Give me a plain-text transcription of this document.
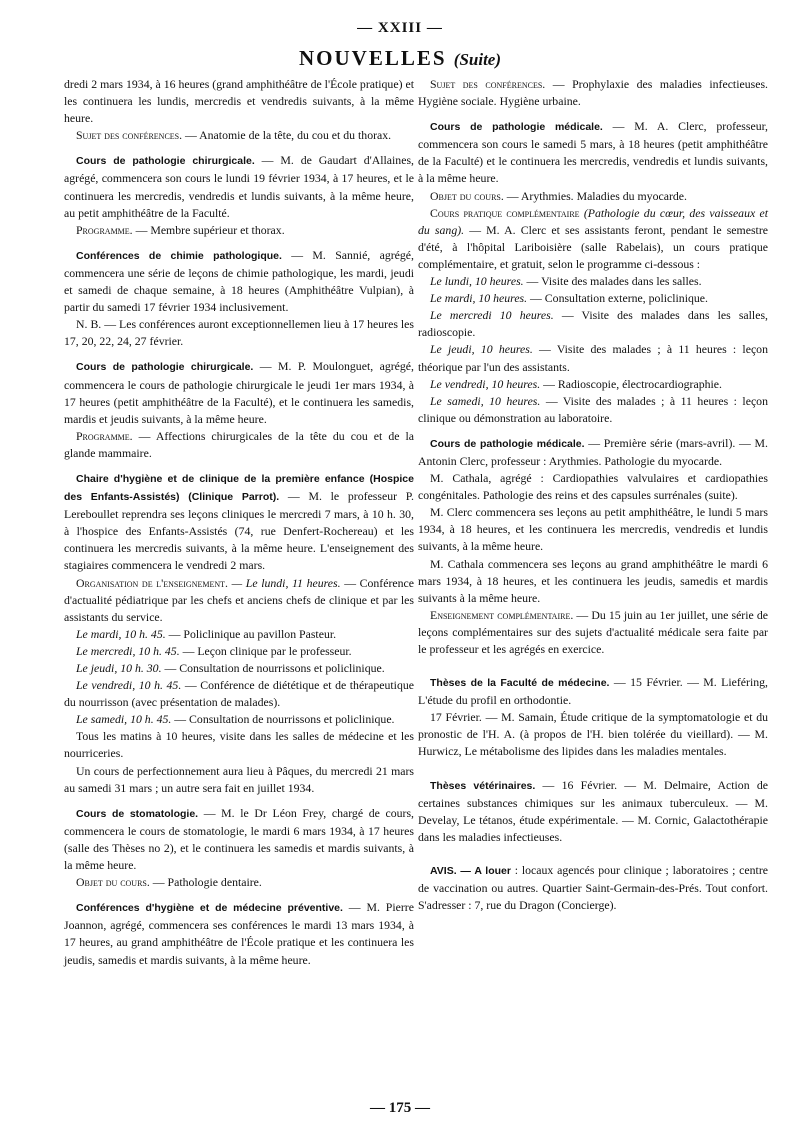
— XXIII —
NOUVELLES (Suite)

dredi 2 mars 1934, à 16 heures (grand amphithéâtre de l'École pratique) et les continuera les lundis, mercredis et vendredis suivants, à la même heure.

Sujet des conférences. — Anatomie de la tête, du cou et du thorax.

Cours de pathologie chirurgicale. — M. de Gaudart d'Allaines, agrégé, commencera son cours le lundi 19 février 1934, à 17 heures, et le continuera les mercredis, vendredis et lundis suivants, à la même heure, au petit amphithéâtre de la Faculté.

Programme. — Membre supérieur et thorax.

Conférences de chimie pathologique. — M. Sannié, agrégé, commencera une série de leçons de chimie pathologique, les mardi, jeudi et samedi de chaque semaine, à 18 heures (Amphithéâtre Vulpian), à partir du samedi 17 février 1934 inclusivement.

N. B. — Les conférences auront exceptionnellemen lieu à 17 heures les 17, 20, 22, 24, 27 février.

Cours de pathologie chirurgicale. — M. P. Moulonguet, agrégé, commencera le cours de pathologie chirurgicale le jeudi 1er mars 1934, à 17 heures (petit amphithéâtre de la Faculté), et le continuera les samedis, mardis et jeudis suivants, à la même heure.

Programme. — Affections chirurgicales de la tête du cou et de la glande mammaire.

Chaire d'hygiène et de clinique de la première enfance (Hospice des Enfants-Assistés) (Clinique Parrot). — M. le professeur P. Lereboullet reprendra ses leçons cliniques le mercredi 7 mars, à 10 h. 30, à l'hospice des Enfants-Assistés (74, rue Denfert-Rochereau) et les continuera les mercredis suivants, à la même heure. L'enseignement des stagiaires commencera le vendredi 2 mars.

Organisation de l'enseignement. — Le lundi, 11 heures. — Conférence d'actualité pédiatrique par les chefs et anciens chefs de clinique et par les assistants du service.

Le mardi, 10 h. 45. — Policlinique au pavillon Pasteur.

Le mercredi, 10 h. 45. — Leçon clinique par le professeur.

Le jeudi, 10 h. 30. — Consultation de nourrissons et policlinique.

Le vendredi, 10 h. 45. — Conférence de diététique et de thérapeutique du nourrisson (avec présentation de malades).

Le samedi, 10 h. 45. — Consultation de nourrissons et policlinique.

Tous les matins à 10 heures, visite dans les salles de médecine et les nourriceries.

Un cours de perfectionnement aura lieu à Pâques, du mercredi 21 mars au samedi 31 mars ; un autre sera fait en juillet 1934.

Cours de stomatologie. — M. le Dr Léon Frey, chargé de cours, commencera le cours de stomatologie, le mardi 6 mars 1934, à 17 heures (salle des Thèses no 2), et le continuera les samedis et mardis suivants, à la même heure.

Objet du cours. — Pathologie dentaire.

Conférences d'hygiène et de médecine préventive. — M. Pierre Joannon, agrégé, commencera ses conférences le mardi 13 mars 1934, à 17 heures, au grand amphithéâtre de l'École pratique et les continuera les jeudis, samedis et mardis suivants, à la même heure.

Sujet des conférences. — Prophylaxie des maladies infectieuses. Hygiène sociale. Hygiène urbaine.

Cours de pathologie médicale. — M. A. Clerc, professeur, commencera son cours le samedi 5 mars, à 18 heures (petit amphithéâtre de la Faculté) et le continuera les mercredis, vendredis et lundis suivants, à la même heure.

Objet du cours. — Arythmies. Maladies du myocarde.

Cours pratique complémentaire (Pathologie du cœur, des vaisseaux et du sang). — M. A. Clerc et ses assistants feront, pendant le semestre d'été, à l'hôpital Lariboisière (salle Rabelais), un cours pratique complémentaire, et gratuit, selon le programme ci-dessous :

Le lundi, 10 heures. — Visite des malades dans les salles.

Le mardi, 10 heures. — Consultation externe, policlinique.

Le mercredi 10 heures. — Visite des malades dans les salles, radioscopie.

Le jeudi, 10 heures. — Visite des malades ; à 11 heures : leçon théorique par l'un des assistants.

Le vendredi, 10 heures. — Radioscopie, électrocardiographie.

Le samedi, 10 heures. — Visite des malades ; à 11 heures : leçon clinique ou démonstration au laboratoire.

Cours de pathologie médicale. — Première série (mars-avril). — M. Antonin Clerc, professeur : Arythmies. Pathologie du myocarde.

M. Cathala, agrégé : Cardiopathies valvulaires et cardiopathies congénitales. Pathologie des reins et des capsules surrénales (suite).

M. Clerc commencera ses leçons au petit amphithéâtre, le lundi 5 mars 1934, à 18 heures, et les continuera les mercredis, vendredis et lundis suivants, à la même heure.

M. Cathala commencera ses leçons au grand amphithéâtre le mardi 6 mars 1934, à 18 heures, et les continuera les jeudis, samedis et mardis suivants à la même heure.

Enseignement complémentaire. — Du 15 juin au 1er juillet, une série de leçons complémentaires sur des sujets d'actualité médicale sera faite par le professeur et les agrégés en exercice.

Thèses de la Faculté de médecine. — 15 Février. — M. Lieféring, L'étude du profil en orthodontie.

17 Février. — M. Samain, Étude critique de la symptomatologie et du pronostic de l'H. A. (à propos de l'H. bien tolérée du vieillard). — M. Hurwicz, Le métabolisme des lipides dans les maladies mentales.

Thèses vétérinaires. — 16 Février. — M. Delmaire, Action de certaines substances chimiques sur les animaux tuberculeux. — M. Develay, Le tétanos, étude expérimentale. — M. Cornic, Galactothérapie dans les maladies infectieuses.

AVIS. — A louer : locaux agencés pour clinique ; laboratoires ; centre de vaccination ou autres. Quartier Saint-Germain-des-Prés. Tout confort. S'adresser : 7, rue du Dragon (Concierge).

— 175 —
